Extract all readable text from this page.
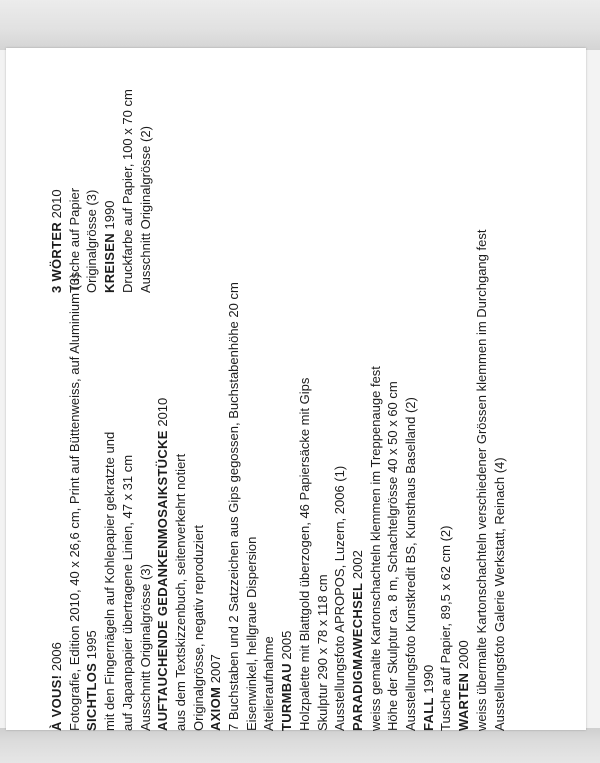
À VOUS! 2006 Fotografie, Edition 2010, 40 x 26,6 cm, Print auf Büttenweiss, auf Aluminium (3) SICHTLOS 1995 mit den Fingernägeln auf Kohlepapier gekratzte und auf Japanpapier übertragene Linien, 47 x 31 cm Ausschnitt Originalgrösse (3) AUFTAUCHENDE GEDANKENMOSAIKSTÜCKE 2010
aus dem Textskizzenbuch, seitenverkehrt notiert Originalgrösse, negativ reproduziert AXIOM 2007 7 Buchstaben und 2 Satzzeichen aus Gips gegossen, Buchstabenhöhe 20 cm Eisenwinkel, hellgraue Dispersion Atelieraufnahme TURMBAU 2005 Holzpalette mit Blattgold überzogen, 46 Papiersäcke mit Gips Skulptur 290 x 78 x 118 cm Ausstellungsfoto APROPOS, Luzern, 2006 (1) PARADIGMAWECHSEL 2002 weiss gemalte Kartonschachteln klemmen im Treppenauge fest Höhe der Skulptur ca. 8 m, Schachtelgrösse 40 x 50 x 60 cm Ausstellungsfoto Kunstkredit BS, Kunsthaus Baselland (2) FALL 1990 Tusche auf Papier, 89,5 x 62 cm (2) WARTEN 2000 weiss übermalte Kartonschachteln verschiedener Grössen klemmen im Durchgang fest Ausstellungsfoto Galerie Werkstatt, Reinach (4)
3 WÖRTER 2010 Tusche auf Papier Originalgrösse (3) KREISEN 1990 Druckfarbe auf Papier, 100 x 70 cm Ausschnitt Originalgrösse (2)
